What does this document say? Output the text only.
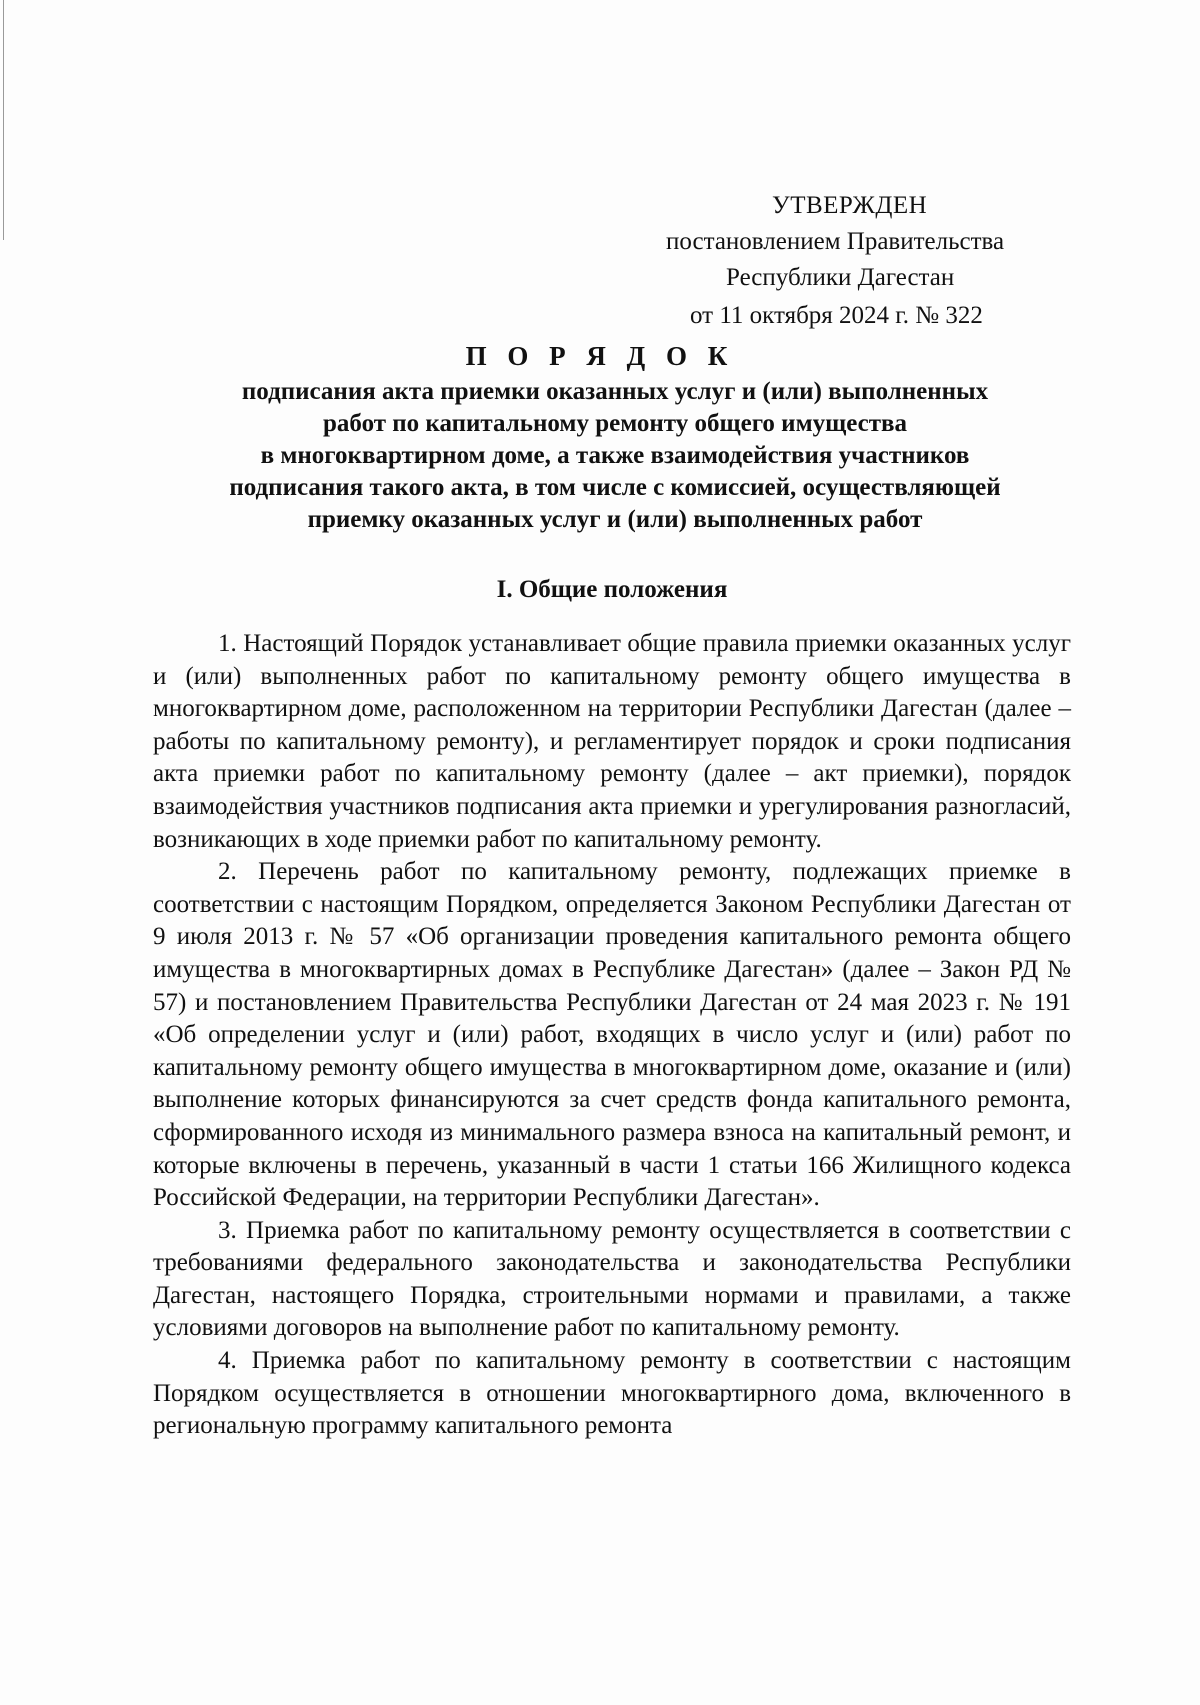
УТВЕРЖДЕН
постановлением Правительства
Республики Дагестан
от 11 октября 2024 г. № 322
П О Р Я Д О К
подписания акта приемки оказанных услуг и (или) выполненных
работ по капитальному ремонту общего имущества
в многоквартирном доме, а также взаимодействия участников
подписания такого акта, в том числе с комиссией, осуществляющей
приемку оказанных услуг и (или) выполненных работ
I. Общие положения

1. Настоящий Порядок устанавливает общие правила приемки оказанных услуг и (или) выполненных работ по капитальному ремонту общего имущества в многоквартирном доме, расположенном на территории Республики Дагестан (далее – работы по капитальному ремонту), и регламентирует порядок и сроки подписания акта приемки работ по капитальному ремонту (далее – акт приемки), порядок взаимодействия участников подписания акта приемки и урегулирования разногласий, возникающих в ходе приемки работ по капитальному ремонту.

2. Перечень работ по капитальному ремонту, подлежащих приемке в соответствии с настоящим Порядком, определяется Законом Республики Дагестан от 9 июля 2013 г. № 57 «Об организации проведения капитального ремонта общего имущества в многоквартирных домах в Республике Дагестан» (далее – Закон РД № 57) и постановлением Правительства Республики Дагестан от 24 мая 2023 г. № 191 «Об определении услуг и (или) работ, входящих в число услуг и (или) работ по капитальному ремонту общего имущества в многоквартирном доме, оказание и (или) выполнение которых финансируются за счет средств фонда капитального ремонта, сформированного исходя из минимального размера взноса на капитальный ремонт, и которые включены в перечень, указанный в части 1 статьи 166 Жилищного кодекса Российской Федерации, на территории Республики Дагестан».

3. Приемка работ по капитальному ремонту осуществляется в соответствии с требованиями федерального законодательства и законодательства Республики Дагестан, настоящего Порядка, строительными нормами и правилами, а также условиями договоров на выполнение работ по капитальному ремонту.

4. Приемка работ по капитальному ремонту в соответствии с настоящим Порядком осуществляется в отношении многоквартирного дома, включенного в региональную программу капитального ремонта
